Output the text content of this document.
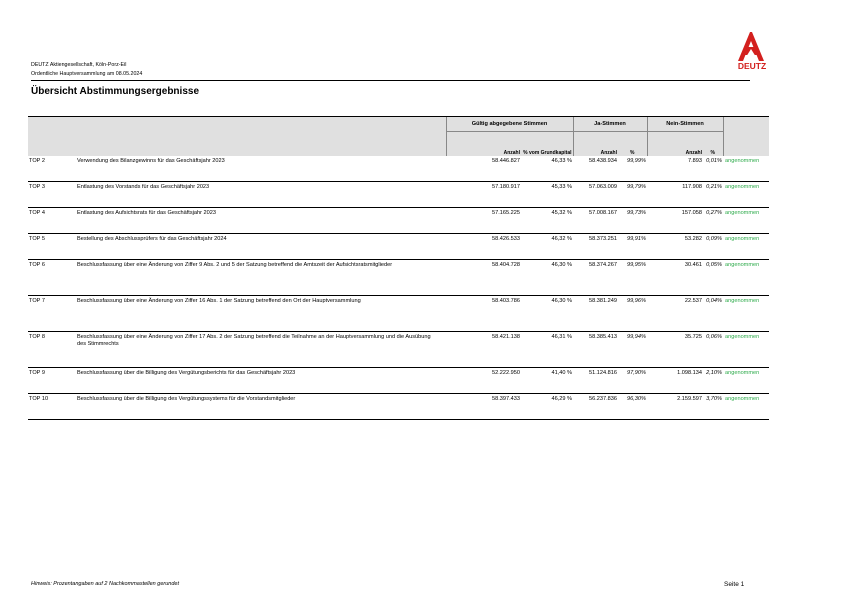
DEUTZ Aktiengesellschaft, Köln-Porz-Eil
Ordentliche Hauptversammlung am 08.05.2024
DEUTZ
Übersicht Abstimmungsergebnisse
		Gültig abgegebene Stimmen		Ja-Stimmen		Nein-Stimmen		
		Anzahl	% vom Grundkapital	Anzahl	%	Anzahl	%	
TOP 2	Verwendung des Bilanzgewinns für das Geschäftsjahr 2023	58.446.827	46,33 %	58.438.934	99,99%	7.893	0,01%	angenommen
TOP 3	Entlastung des Vorstands für das Geschäftsjahr 2023	57.180.917	45,33 %	57.063.009	99,79%	117.908	0,21%	angenommen
TOP 4	Entlastung des Aufsichtsrats für das Geschäftsjahr 2023	57.165.225	45,32 %	57.008.167	99,73%	157.058	0,27%	angenommen
TOP 5	Bestellung des Abschlussprüfers für das Geschäftsjahr 2024	58.426.533	46,32 %	58.373.251	99,91%	53.282	0,09%	angenommen
TOP 6	Beschlussfassung über eine Änderung von Ziffer 9 Abs. 2 und 5 der Satzung betreffend die Amtszeit der Aufsichtsratsmitglieder	58.404.728	46,30 %	58.374.267	99,95%	30.461	0,05%	angenommen
TOP 7	Beschlussfassung über eine Änderung von Ziffer 16 Abs. 1 der Satzung betreffend den Ort der Hauptversammlung	58.403.786	46,30 %	58.381.249	99,96%	22.537	0,04%	angenommen
TOP 8	Beschlussfassung über eine Änderung von Ziffer 17 Abs. 2 der Satzung betreffend die Teilnahme an der Hauptversammlung und die Ausübung des Stimmrechts	58.421.138	46,31 %	58.385.413	99,94%	35.725	0,06%	angenommen
TOP 9	Beschlussfassung über die Billigung des Vergütungsberichts für das Geschäftsjahr 2023	52.222.950	41,40 %	51.124.816	97,90%	1.098.134	2,10%	angenommen
TOP 10	Beschlussfassung über die Billigung des Vergütungssystems für die Vorstandsmitglieder	58.397.433	46,29 %	56.237.836	96,30%	2.159.597	3,70%	angenommen
Hinweis: Prozentangaben auf 2 Nachkommastellen gerundet	Seite 1
